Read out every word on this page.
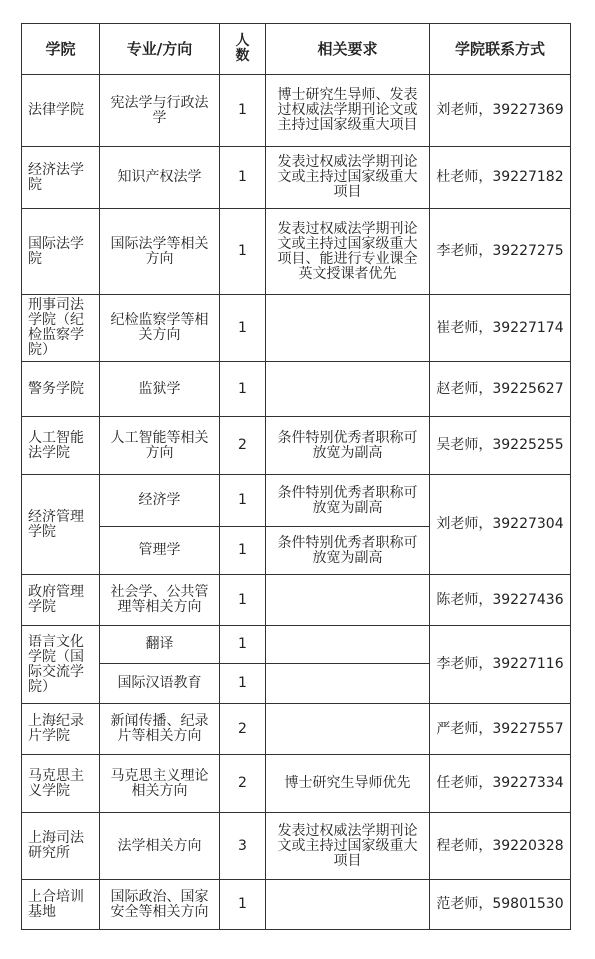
学院	专业/方向	人数	相关要求	学院联系方式
法律学院	宪法学与行政法学	1	博士研究生导师、发表过权威法学期刊论文或主持过国家级重大项目	刘老师，39227369
经济法学院	知识产权法学	1	发表过权威法学期刊论文或主持过国家级重大项目	杜老师，39227182
国际法学院	国际法学等相关方向	1	发表过权威法学期刊论文或主持过国家级重大项目、能进行专业课全英文授课者优先	李老师，39227275
刑事司法学院（纪检监察学院）	纪检监察学等相关方向	1		崔老师，39227174
警务学院	监狱学	1		赵老师，39225627
人工智能法学院	人工智能等相关方向	2	条件特别优秀者职称可放宽为副高	吴老师，39225255
经济管理学院	经济学	1	条件特别优秀者职称可放宽为副高	刘老师，39227304
	管理学	1	条件特别优秀者职称可放宽为副高	
政府管理学院	社会学、公共管理等相关方向	1		陈老师，39227436
语言文化学院（国际交流学院）	翻译	1		李老师，39227116
	国际汉语教育	1		
上海纪录片学院	新闻传播、纪录片等相关方向	2		严老师，39227557
马克思主义学院	马克思主义理论相关方向	2	博士研究生导师优先	任老师，39227334
上海司法研究所	法学相关方向	3	发表过权威法学期刊论文或主持过国家级重大项目	程老师，39220328
上合培训基地	国际政治、国家安全等相关方向	1		范老师，59801530
